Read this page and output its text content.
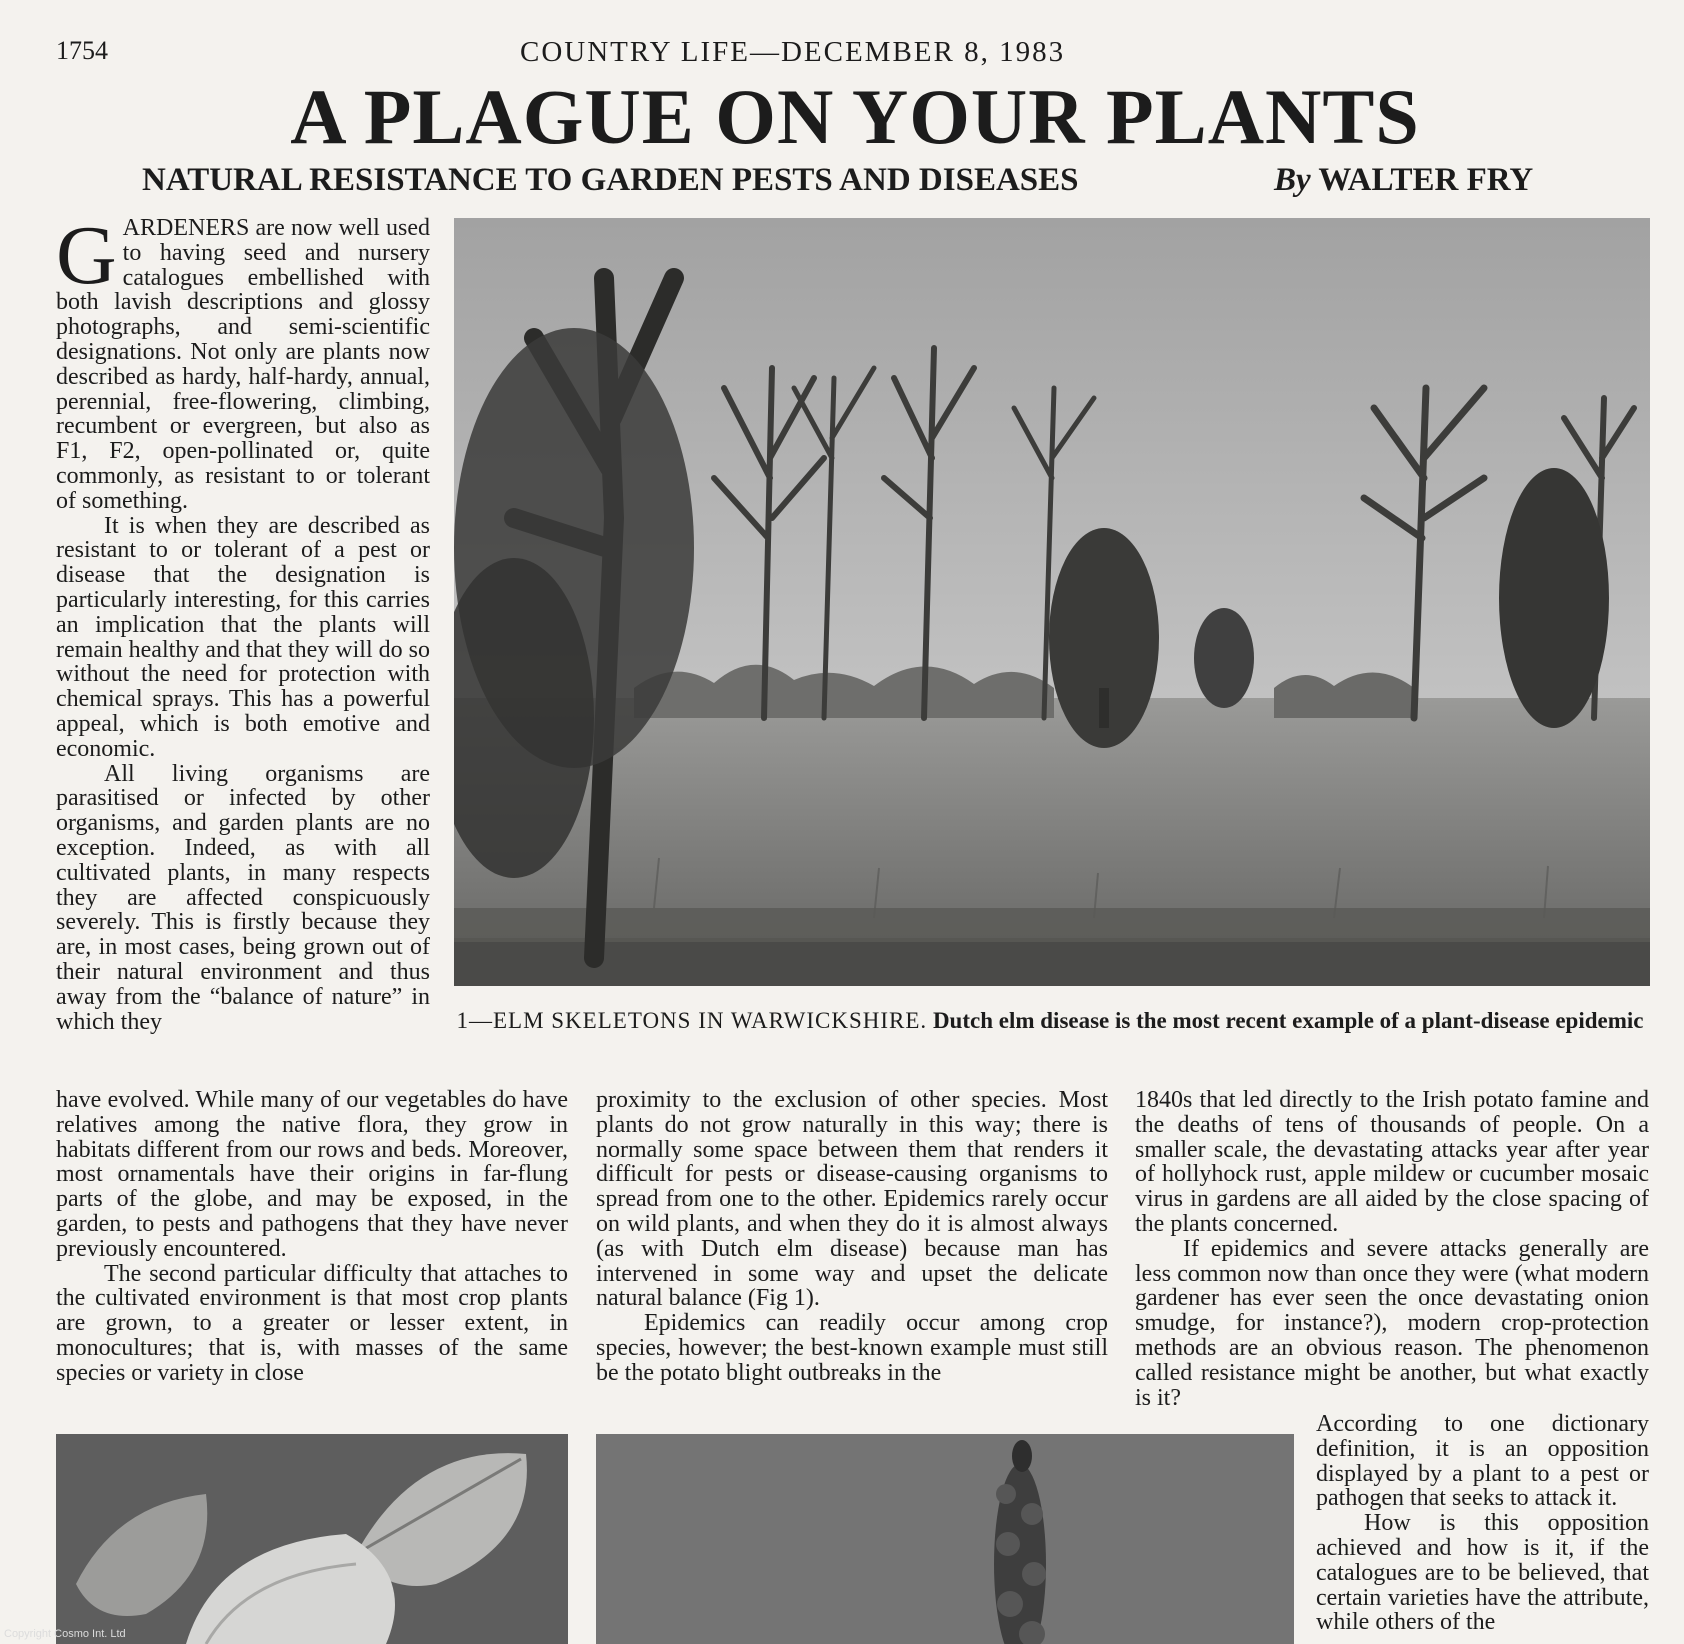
1754	COUNTRY LIFE—DECEMBER 8, 1983
A PLAGUE ON YOUR PLANTS
NATURAL RESISTANCE TO GARDEN PESTS AND DISEASES	By WALTER FRY

GARDENERS are now well used to having seed and nursery catalogues embellished with both lavish descriptions and glossy photographs, and semi-scientific designations. Not only are plants now described as hardy, half-hardy, annual, perennial, free-flowering, climbing, recumbent or evergreen, but also as F1, F2, open-pollinated or, quite commonly, as resistant to or tolerant of something.

It is when they are described as resistant to or tolerant of a pest or disease that the designation is particularly interesting, for this carries an implication that the plants will remain healthy and that they will do so without the need for protection with chemical sprays. This has a powerful appeal, which is both emotive and economic.

All living organisms are parasitised or infected by other organisms, and garden plants are no exception. Indeed, as with all cultivated plants, in many respects they are affected conspicuously severely. This is firstly because they are, in most cases, being grown out of their natural environment and thus away from the “balance of nature” in which they

have evolved. While many of our vegetables do have relatives among the native flora, they grow in habitats different from our rows and beds. Moreover, most ornamentals have their origins in far-flung parts of the globe, and may be exposed, in the garden, to pests and pathogens that they have never previously encountered.

The second particular difficulty that attaches to the cultivated environment is that most crop plants are grown, to a greater or lesser extent, in monocultures; that is, with masses of the same species or variety in close

proximity to the exclusion of other species. Most plants do not grow naturally in this way; there is normally some space between them that renders it difficult for pests or disease-causing organisms to spread from one to the other. Epidemics rarely occur on wild plants, and when they do it is almost always (as with Dutch elm disease) because man has intervened in some way and upset the delicate natural balance (Fig 1).

Epidemics can readily occur among crop species, however; the best-known example must still be the potato blight outbreaks in the

1840s that led directly to the Irish potato famine and the deaths of tens of thousands of people. On a smaller scale, the devastating attacks year after year of hollyhock rust, apple mildew or cucumber mosaic virus in gardens are all aided by the close spacing of the plants concerned.

If epidemics and severe attacks generally are less common now than once they were (what modern gardener has ever seen the once devastating onion smudge, for instance?), modern crop-protection methods are an obvious reason. The phenomenon called resistance might be another, but what exactly is it?

According to one dictionary definition, it is an opposition displayed by a plant to a pest or pathogen that seeks to attack it.

How is this opposition achieved and how is it, if the catalogues are to be believed, that certain varieties have the attribute, while others of the

1—ELM SKELETONS IN WARWICKSHIRE. Dutch elm disease is the most recent example of a plant-disease epidemic
Copyright Cosmo Int. Ltd
